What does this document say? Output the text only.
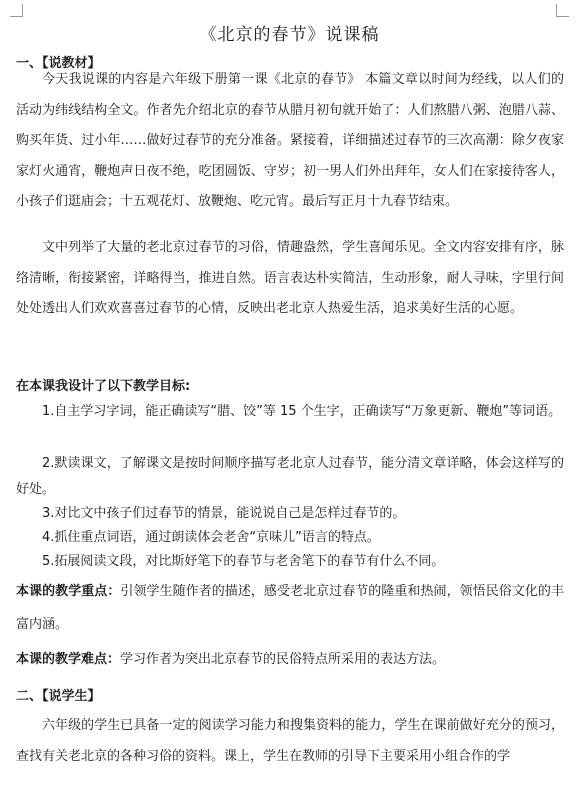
《北京的春节》说课稿
一、【说教材】

今天我说课的内容是六年级下册第一课《北京的春节》 本篇文章以时间为经线，以人们的活动为纬线结构全文。作者先介绍北京的春节从腊月初旬就开始了：人们熬腊八粥、泡腊八蒜、购买年货、过小年……做好过春节的充分准备。紧接着，详细描述过春节的三次高潮：除夕夜家家灯火通宵，鞭炮声日夜不绝，吃团圆饭、守岁；初一男人们外出拜年，女人们在家接待客人，小孩子们逛庙会；十五观花灯、放鞭炮、吃元宵。最后写正月十九春节结束。

文中列举了大量的老北京过春节的习俗，情趣盎然，学生喜闻乐见。全文内容安排有序，脉络清晰，衔接紧密，详略得当，推进自然。语言表达朴实简洁，生动形象，耐人寻味，字里行间处处透出人们欢欢喜喜过春节的心情，反映出老北京人热爱生活，追求美好生活的心愿。

在本课我设计了以下教学目标:

1.自主学习字词，能正确读写“腊、饺”等 15 个生字，正确读写“万象更新、鞭炮”等词语。

2.默读课文，了解课文是按时间顺序描写老北京人过春节，能分清文章详略，体会这样写的好处。

3.对比文中孩子们过春节的情景，能说说自己是怎样过春节的。

4.抓住重点词语，通过朗读体会老舍“京味儿”语言的特点。

5.拓展阅读文段，对比斯妤笔下的春节与老舍笔下的春节有什么不同。

本课的教学重点：引领学生随作者的描述，感受老北京过春节的隆重和热闹，领悟民俗文化的丰富内涵。

本课的教学难点：学习作者为突出北京春节的民俗特点所采用的表达方法。

二、【说学生】

六年级的学生已具备一定的阅读学习能力和搜集资料的能力，学生在课前做好充分的预习，查找有关老北京的各种习俗的资料。课上，学生在教师的引导下主要采用小组合作的学
